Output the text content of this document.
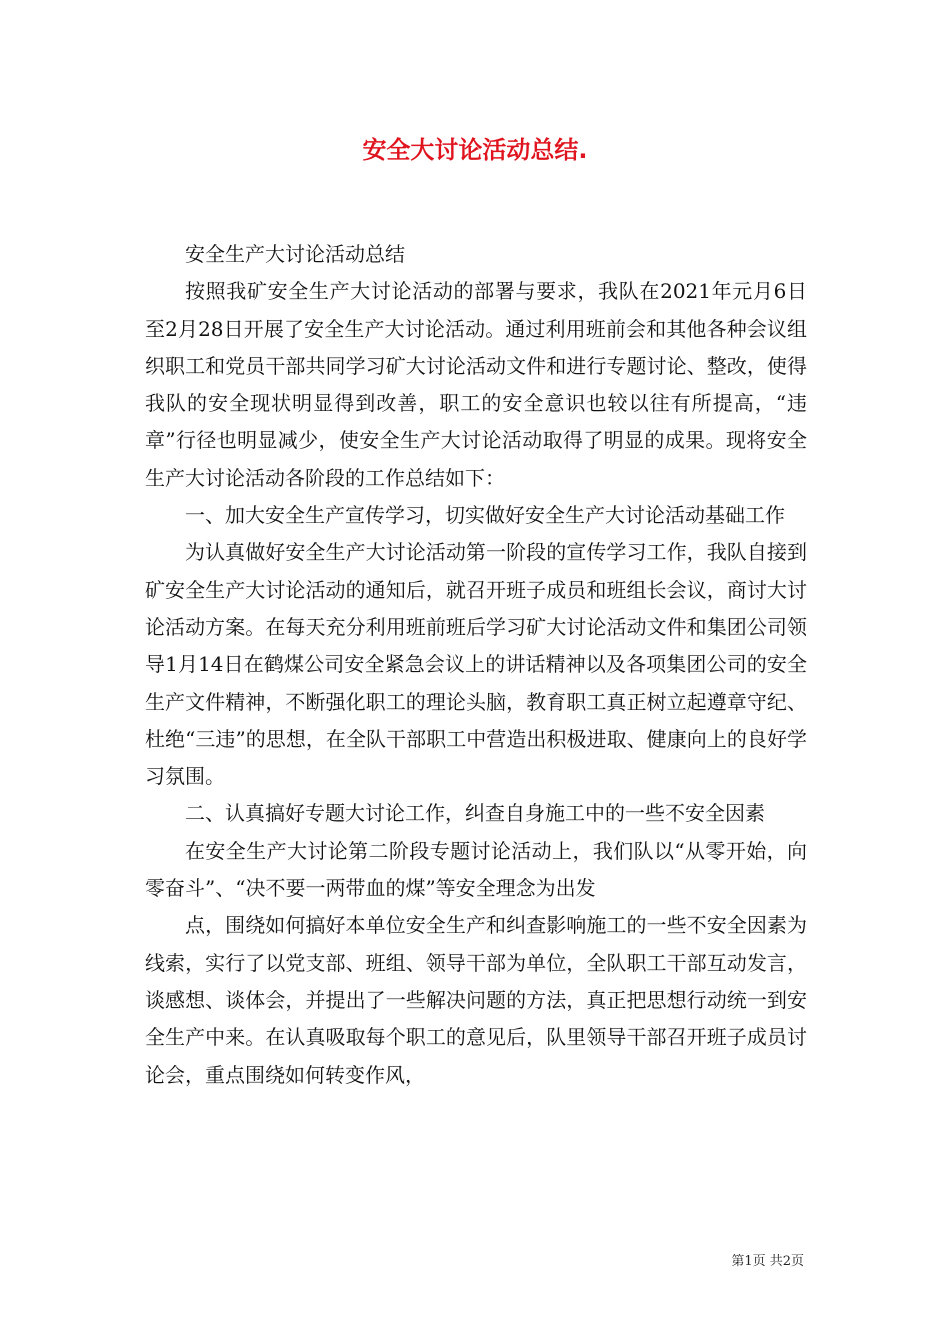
安全大讨论活动总结.

安全生产大讨论活动总结

按照我矿安全生产大讨论活动的部署与要求，我队在2021年元月6日至2月28日开展了安全生产大讨论活动。通过利用班前会和其他各种会议组织职工和党员干部共同学习矿大讨论活动文件和进行专题讨论、整改，使得我队的安全现状明显得到改善，职工的安全意识也较以往有所提高，“违章”行径也明显减少，使安全生产大讨论活动取得了明显的成果。现将安全生产大讨论活动各阶段的工作总结如下：

一、加大安全生产宣传学习，切实做好安全生产大讨论活动基础工作

为认真做好安全生产大讨论活动第一阶段的宣传学习工作，我队自接到矿安全生产大讨论活动的通知后，就召开班子成员和班组长会议，商讨大讨论活动方案。在每天充分利用班前班后学习矿大讨论活动文件和集团公司领导1月14日在鹤煤公司安全紧急会议上的讲话精神以及各项集团公司的安全生产文件精神，不断强化职工的理论头脑，教育职工真正树立起遵章守纪、杜绝“三违”的思想，在全队干部职工中营造出积极进取、健康向上的良好学习氛围。

二、认真搞好专题大讨论工作，纠查自身施工中的一些不安全因素

在安全生产大讨论第二阶段专题讨论活动上，我们队以“从零开始，向零奋斗”、“决不要一两带血的煤”等安全理念为出发

点，围绕如何搞好本单位安全生产和纠查影响施工的一些不安全因素为线索，实行了以党支部、班组、领导干部为单位，全队职工干部互动发言，谈感想、谈体会，并提出了一些解决问题的方法，真正把思想行动统一到安全生产中来。在认真吸取每个职工的意见后，队里领导干部召开班子成员讨论会，重点围绕如何转变作风，

第1页 共2页
